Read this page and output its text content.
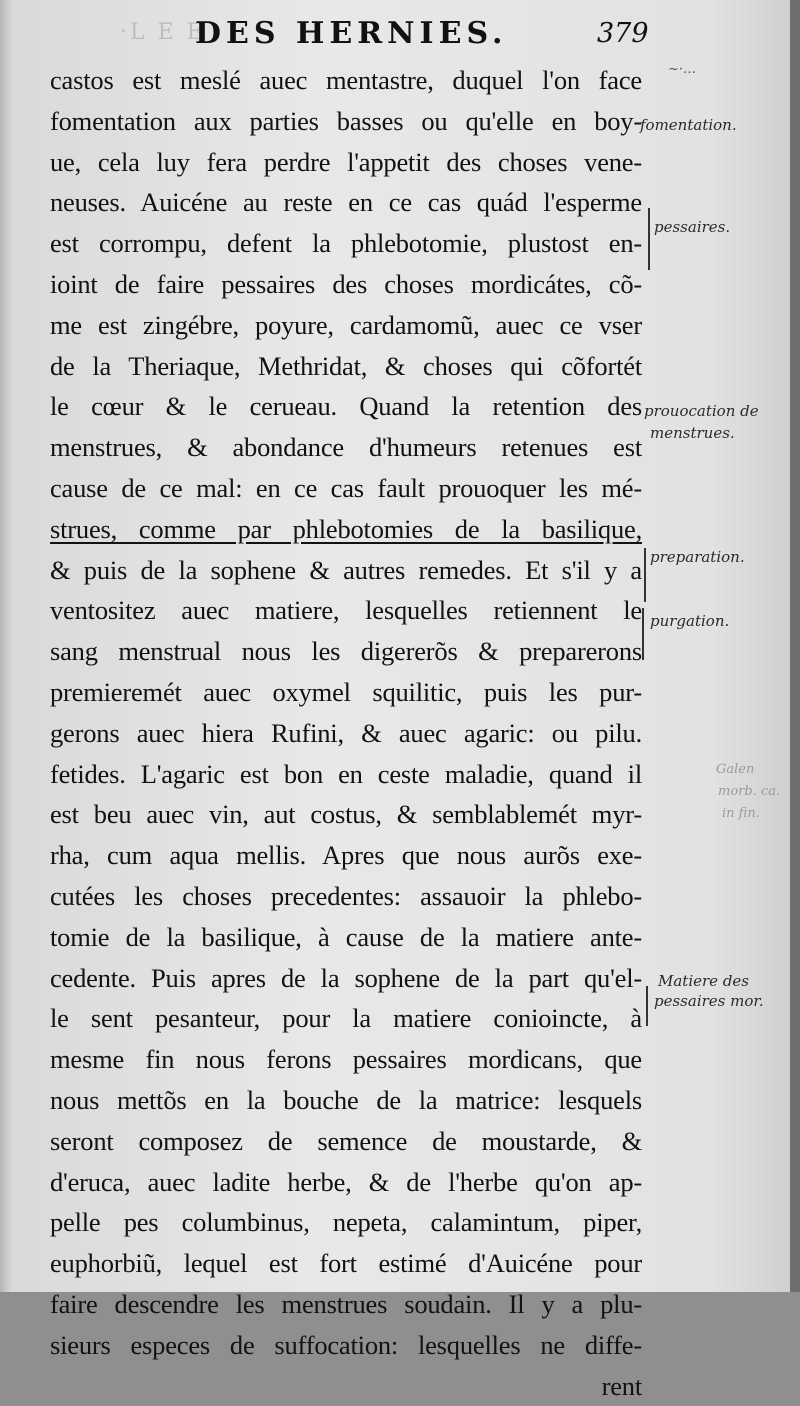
·L E E
DES HERNIES.	379
castos est meslé auec mentastre, duquel l'on face
fomentation aux parties basses ou qu'elle en boy-
ue, cela luy fera perdre l'appetit des choses vene-
neuses. Auicéne au reste en ce cas quád l'esperme
est corrompu, defent la phlebotomie, plustost en-
ioint de faire pessaires des choses mordicátes, cõ-
me est zingébre, poyure, cardamomũ, auec ce vser
de la Theriaque, Methridat, & choses qui cõfortét
le cœur & le cerueau. Quand la retention des
menstrues, & abondance d'humeurs retenues est
cause de ce mal: en ce cas fault prouoquer les mé-
strues, comme par phlebotomies de la basilique,
& puis de la sophene & autres remedes. Et s'il y a
ventositez auec matiere, lesquelles retiennent le
sang menstrual nous les digererõs & preparerons
premieremét auec oxymel squilitic, puis les pur-
gerons auec hiera Rufini, & auec agaric: ou pilu.
fetides. L'agaric est bon en ceste maladie, quand il
est beu auec vin, aut costus, & semblablemét myr-
rha, cum aqua mellis. Apres que nous aurõs exe-
cutées les choses precedentes: assauoir la phlebo-
tomie de la basilique, à cause de la matiere ante-
cedente. Puis apres de la sophene de la part qu'el-
le sent pesanteur, pour la matiere conioincte, à
mesme fin nous ferons pessaires mordicans, que
nous mettõs en la bouche de la matrice: lesquels
seront composez de semence de moustarde, &
d'eruca, auec ladite herbe, & de l'herbe qu'on ap-
pelle pes columbinus, nepeta, calamintum, piper,
euphorbiũ, lequel est fort estimé d'Auicéne pour
faire descendre les menstrues soudain. Il y a plu-
sieurs especes de suffocation: lesquelles ne diffe-
rent
~·…
fomentation.
pessaires.
prouocation de
menstrues.
preparation.
purgation.
Galen
morb. ca.
in fin.
Matiere des
pessaires mor.
